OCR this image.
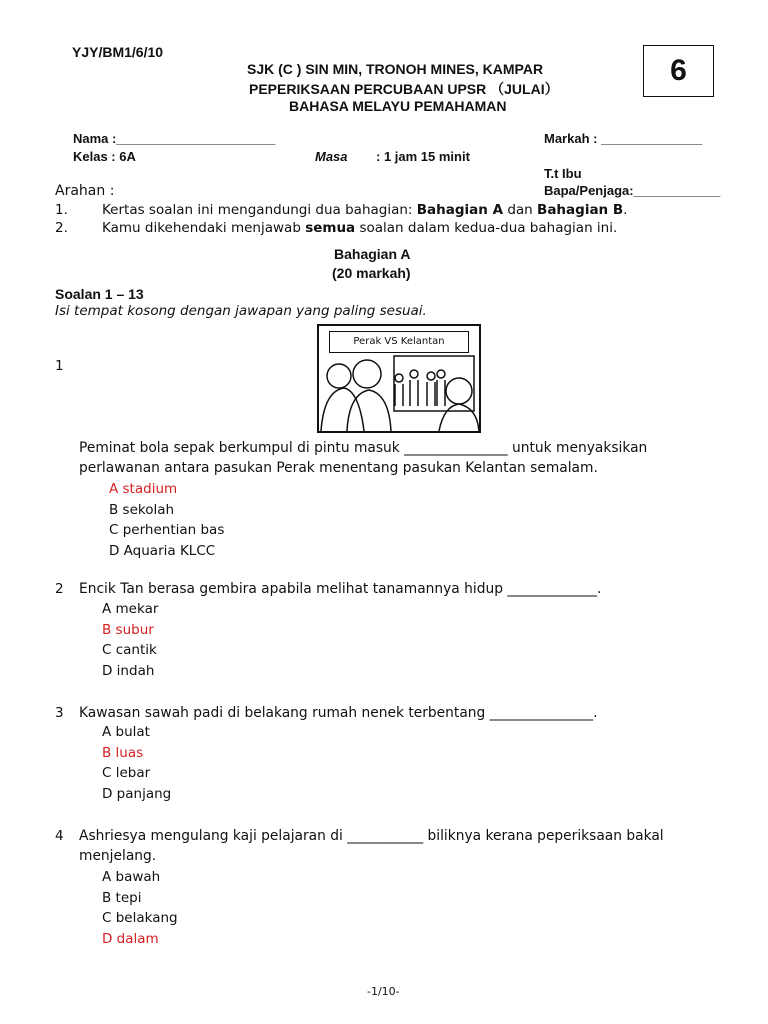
YJY/BM1/6/10
SJK (C ) SIN MIN, TRONOH MINES, KAMPAR
PEPERIKSAAN PERCUBAAN UPSR （JULAI）
BAHASA MELAYU PEMAHAMAN
6
Nama :______________________
Kelas : 6A	Masa : 1 jam 15 minit
Markah : ______________
T.t Ibu
Bapa/Penjaga:____________
Arahan :
1.	Kertas soalan ini mengandungi dua bahagian: Bahagian A dan Bahagian B.
2.	Kamu dikehendaki menjawab semua soalan dalam kedua-dua bahagian ini.
Bahagian A
(20 markah)
Soalan 1 – 13
Isi tempat kosong dengan jawapan yang paling sesuai.
Perak VS Kelantan
1
Peminat bola sepak berkumpul di pintu masuk _______________ untuk menyaksikan
perlawanan antara pasukan Perak menentang pasukan Kelantan semalam.
A stadium
B sekolah
C perhentian bas
D Aquaria KLCC
2 Encik Tan berasa gembira apabila melihat tanamannya hidup _____________.
A mekar
B subur
C cantik
D indah
3 Kawasan sawah padi di belakang rumah nenek terbentang _______________.
A bulat
B luas
C lebar
D panjang
4 Ashriesya mengulang kaji pelajaran di ___________ biliknya kerana peperiksaan bakal
menjelang.
A bawah
B tepi
C belakang
D dalam
-1/10-
